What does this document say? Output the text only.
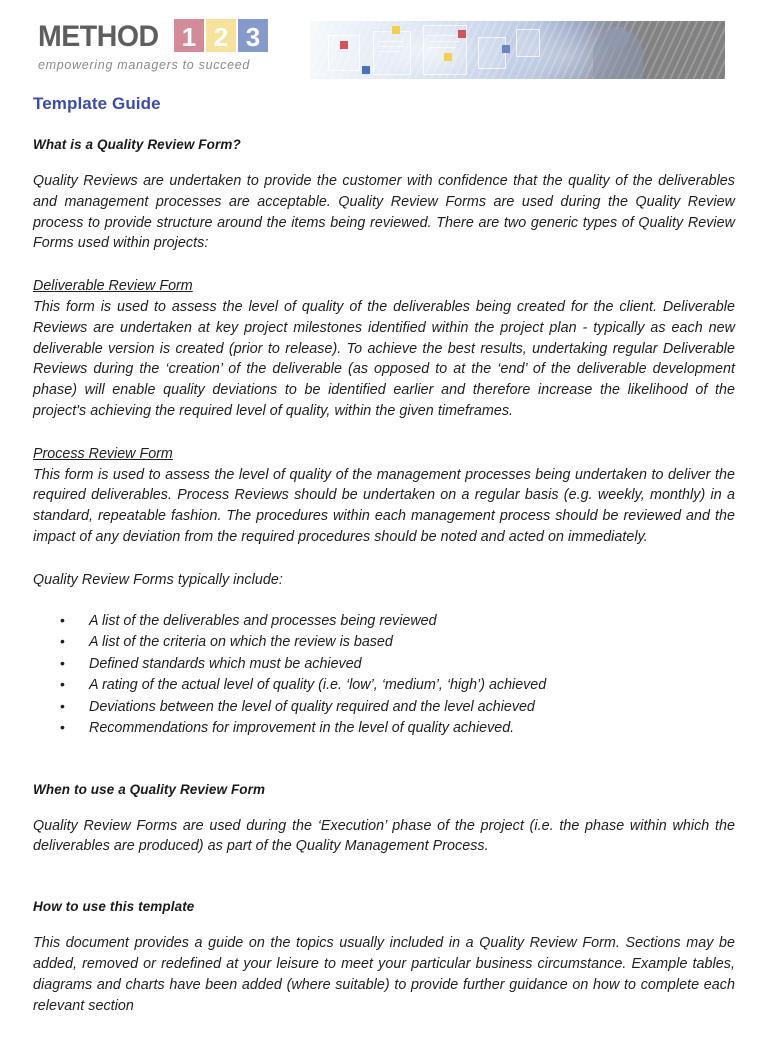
METHOD 1 2 3
empowering managers to succeed
Template Guide
What is a Quality Review Form?

Quality Reviews are undertaken to provide the customer with confidence that the quality of the deliverables and management processes are acceptable. Quality Review Forms are used during the Quality Review process to provide structure around the items being reviewed. There are two generic types of Quality Review Forms used within projects:

Deliverable Review Form

This form is used to assess the level of quality of the deliverables being created for the client. Deliverable Reviews are undertaken at key project milestones identified within the project plan - typically as each new deliverable version is created (prior to release). To achieve the best results, undertaking regular Deliverable Reviews during the ‘creation’ of the deliverable (as opposed to at the ‘end’ of the deliverable development phase) will enable quality deviations to be identified earlier and therefore increase the likelihood of the project's achieving the required level of quality, within the given timeframes.

Process Review Form

This form is used to assess the level of quality of the management processes being undertaken to deliver the required deliverables. Process Reviews should be undertaken on a regular basis (e.g. weekly, monthly) in a standard, repeatable fashion. The procedures within each management process should be reviewed and the impact of any deviation from the required procedures should be noted and acted on immediately.

Quality Review Forms typically include:

• A list of the deliverables and processes being reviewed
• A list of the criteria on which the review is based
• Defined standards which must be achieved
• A rating of the actual level of quality (i.e. ‘low’, ‘medium’, ‘high’) achieved
• Deviations between the level of quality required and the level achieved
• Recommendations for improvement in the level of quality achieved.
When to use a Quality Review Form

Quality Review Forms are used during the ‘Execution’ phase of the project (i.e. the phase within which the deliverables are produced) as part of the Quality Management Process.

How to use this template

This document provides a guide on the topics usually included in a Quality Review Form. Sections may be added, removed or redefined at your leisure to meet your particular business circumstance. Example tables, diagrams and charts have been added (where suitable) to provide further guidance on how to complete each relevant section
